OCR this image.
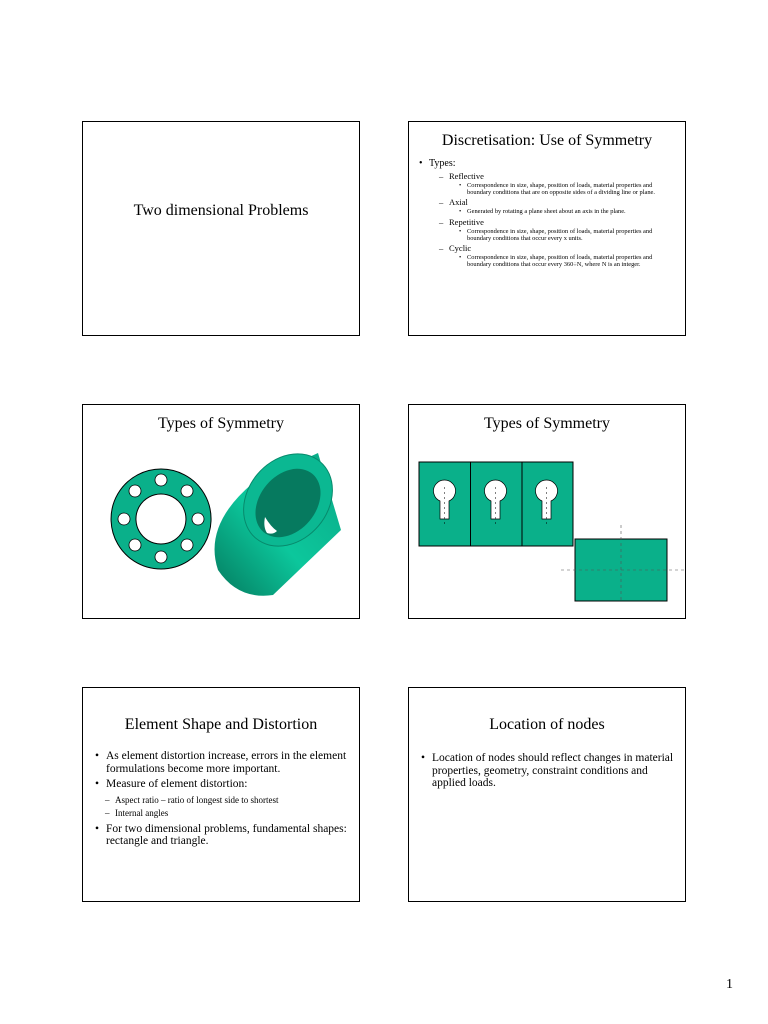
Two dimensional Problems
Discretisation: Use of Symmetry
• Types:
– Reflective
• Correspondence in size, shape, position of loads, material properties and boundary conditions that are on opposite sides of a dividing line or plane.
– Axial
• Generated by rotating a plane sheet about an axis in the plane.
– Repetitive
• Correspondence in size, shape, position of loads, material properties and boundary conditions that occur every x units.
– Cyclic
• Correspondence in size, shape, position of loads, material properties and boundary conditions that occur every 360÷N, where N is an integer.
Types of Symmetry	Types of Symmetry
Element Shape and Distortion
• As element distortion increase, errors in the element formulations become more important.
• Measure of element distortion:
– Aspect ratio – ratio of longest side to shortest
– Internal angles
• For two dimensional problems, fundamental shapes: rectangle and triangle.
Location of nodes
• Location of nodes should reflect changes in material properties, geometry, constraint conditions and applied loads.
1
